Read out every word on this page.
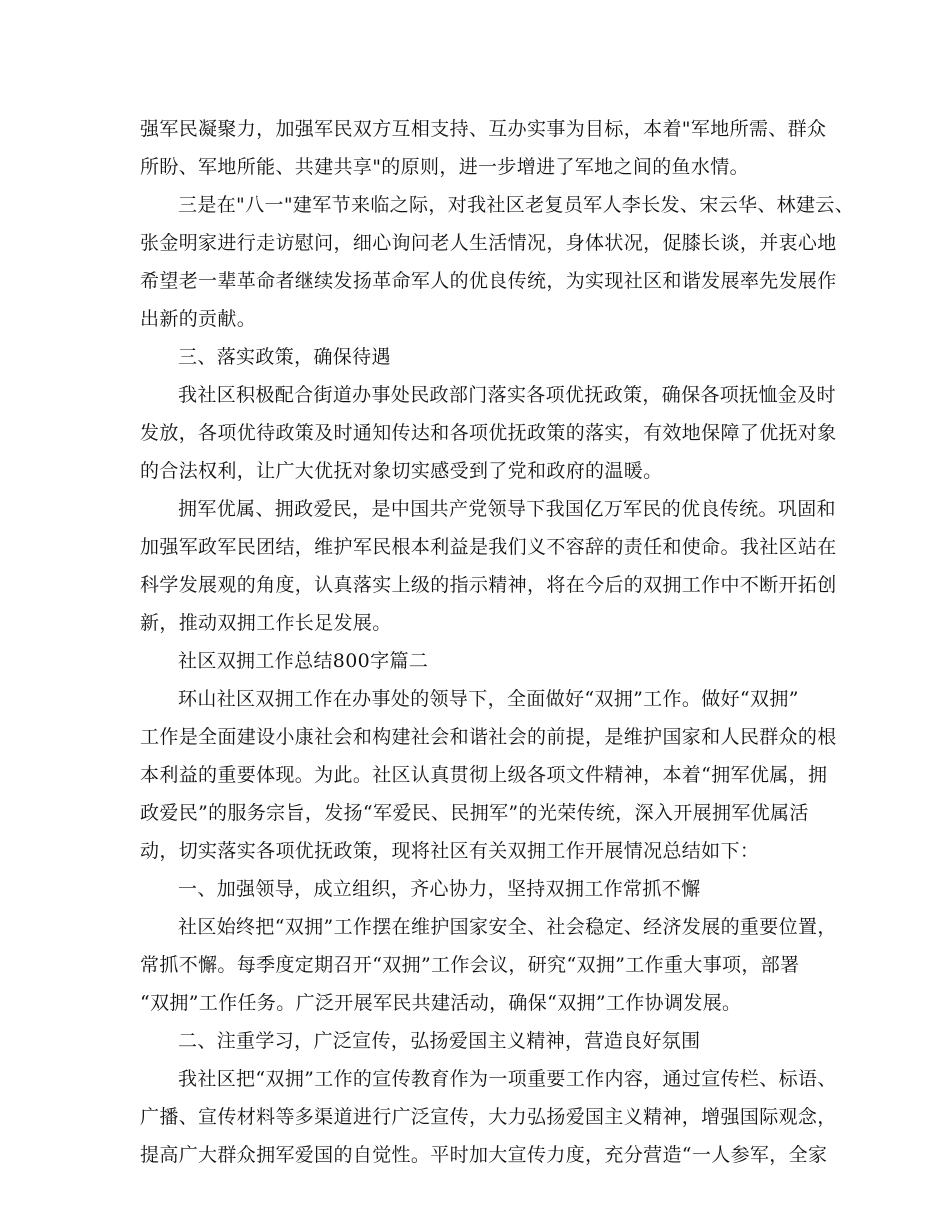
强军民凝聚力，加强军民双方互相支持、互办实事为目标，本着"军地所需、群众
所盼、军地所能、共建共享"的原则，进一步增进了军地之间的鱼水情。
三是在"八一"建军节来临之际，对我社区老复员军人李长发、宋云华、林建云、
张金明家进行走访慰问，细心询问老人生活情况，身体状况，促膝长谈，并衷心地
希望老一辈革命者继续发扬革命军人的优良传统，为实现社区和谐发展率先发展作
出新的贡献。
三、落实政策，确保待遇
我社区积极配合街道办事处民政部门落实各项优抚政策，确保各项抚恤金及时
发放，各项优待政策及时通知传达和各项优抚政策的落实，有效地保障了优抚对象
的合法权利，让广大优抚对象切实感受到了党和政府的温暖。
拥军优属、拥政爱民，是中国共产党领导下我国亿万军民的优良传统。巩固和
加强军政军民团结，维护军民根本利益是我们义不容辞的责任和使命。我社区站在
科学发展观的角度，认真落实上级的指示精神，将在今后的双拥工作中不断开拓创
新，推动双拥工作长足发展。
社区双拥工作总结800字篇二
环山社区双拥工作在办事处的领导下，全面做好“双拥”工作。做好“双拥”
工作是全面建设小康社会和构建社会和谐社会的前提，是维护国家和人民群众的根
本利益的重要体现。为此。社区认真贯彻上级各项文件精神，本着“拥军优属，拥
政爱民”的服务宗旨，发扬“军爱民、民拥军”的光荣传统，深入开展拥军优属活
动，切实落实各项优抚政策，现将社区有关双拥工作开展情况总结如下：
一、加强领导，成立组织，齐心协力，坚持双拥工作常抓不懈
社区始终把“双拥”工作摆在维护国家安全、社会稳定、经济发展的重要位置，
常抓不懈。每季度定期召开“双拥”工作会议，研究“双拥”工作重大事项，部署
“双拥”工作任务。广泛开展军民共建活动，确保“双拥”工作协调发展。
二、注重学习，广泛宣传，弘扬爱国主义精神，营造良好氛围
我社区把“双拥”工作的宣传教育作为一项重要工作内容，通过宣传栏、标语、
广播、宣传材料等多渠道进行广泛宣传，大力弘扬爱国主义精神，增强国际观念，
提高广大群众拥军爱国的自觉性。平时加大宣传力度，充分营造“一人参军，全家
